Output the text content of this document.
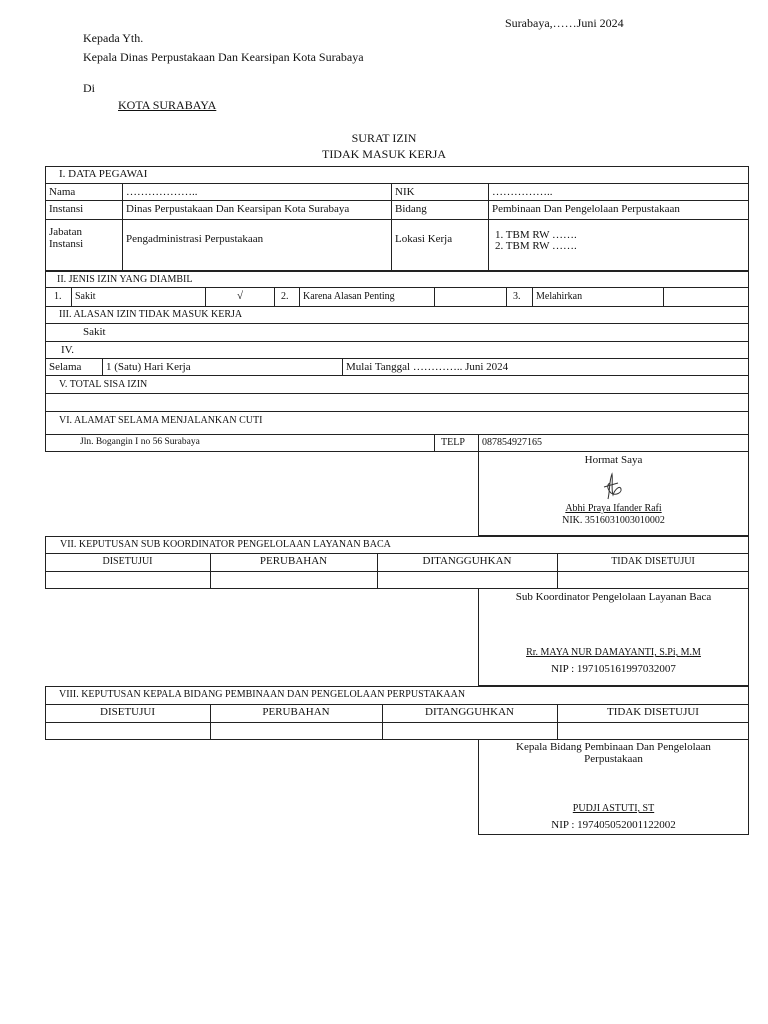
Surabaya,……Juni 2024
Kepada Yth.
Kepala Dinas Perpustakaan Dan Kearsipan Kota Surabaya
Di
KOTA SURABAYA
SURAT IZIN
TIDAK MASUK KERJA
I. DATA PEGAWAI
Nama	………………..	NIK	……………..
Instansi	Dinas Perpustakaan Dan Kearsipan Kota Surabaya	Bidang	Pembinaan Dan Pengelolaan Perpustakaan
Jabatan
Instansi	Pengadministrasi Perpustakaan	Lokasi Kerja	1. TBM RW …….
2. TBM RW …….
II. JENIS IZIN YANG DIAMBIL
1. Sakit	√	2. Karena Alasan Penting	3. Melahirkan
III. ALASAN IZIN TIDAK MASUK KERJA
Sakit
IV.
Selama 1 (Satu) Hari Kerja	Mulai Tanggal ………….. Juni 2024
V. TOTAL SISA IZIN
VI. ALAMAT SELAMA MENJALANKAN CUTI
Jln. Bogangin I no 56 Surabaya	TELP 087854927165
Hormat Saya
Abhi Praya Ifander Rafi
NIK. 3516031003010002
VII. KEPUTUSAN SUB KOORDINATOR PENGELOLAAN LAYANAN BACA
DISETUJUI	PERUBAHAN	DITANGGUHKAN	TIDAK DISETUJUI
Sub Koordinator Pengelolaan Layanan Baca
Rr. MAYA NUR DAMAYANTI, S.Pi, M.M
NIP : 197105161997032007
VIII. KEPUTUSAN KEPALA BIDANG PEMBINAAN DAN PENGELOLAAN PERPUSTAKAAN
DISETUJUI	PERUBAHAN	DITANGGUHKAN	TIDAK DISETUJUI
Kepala Bidang Pembinaan Dan Pengelolaan
Perpustakaan
PUDJI ASTUTI, ST
NIP : 197405052001122002
